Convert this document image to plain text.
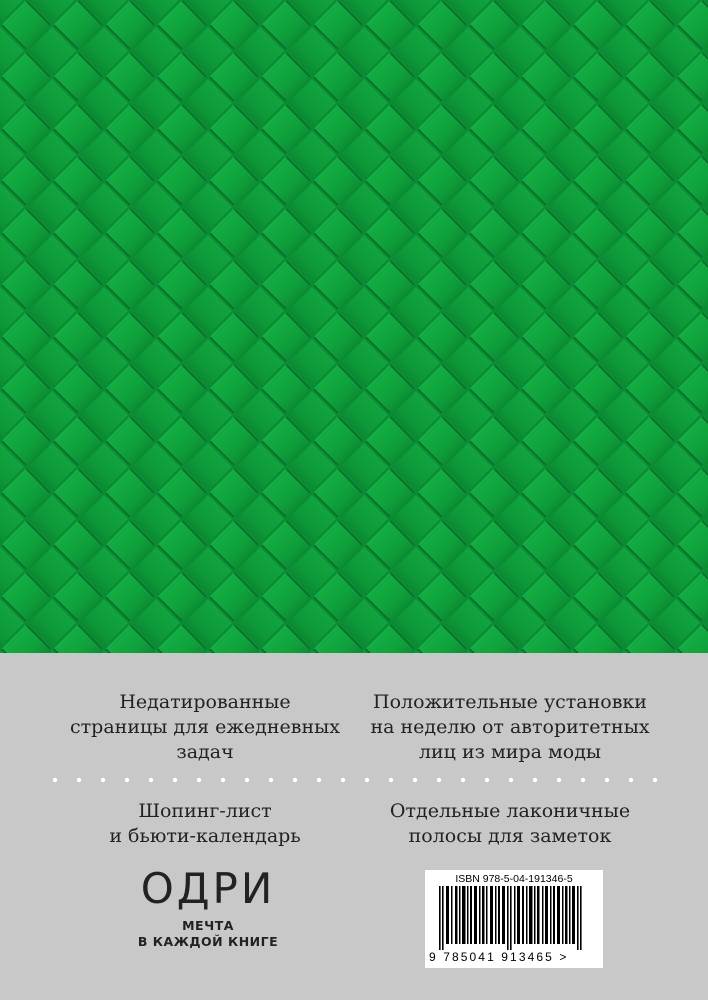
Недатированные
страницы для ежедневных
задач
Положительные установки
на неделю от авторитетных
лиц из мира моды
Шопинг-лист
и бьюти-календарь
Отдельные лаконичные
полосы для заметок
ОДРИ
МЕЧТА
В КАЖДОЙ КНИГЕ
ISBN 978-5-04-191346-5
9 785041 913465 >
